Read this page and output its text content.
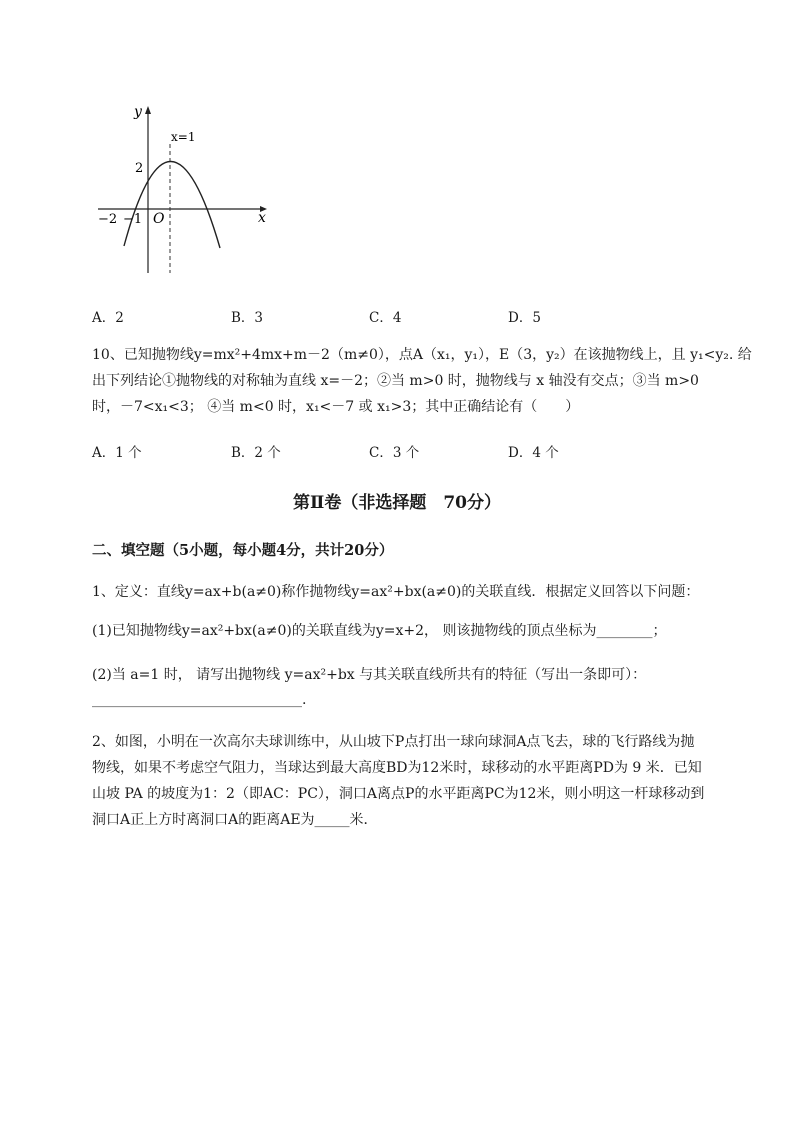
y
x
O
−2 −1
2
x=1
A．2	B．3	C．4	D．5
10、已知抛物线y=mx²+4mx+m－2（m≠0），点A（x₁，y₁），E（3，y₂）在该抛物线上，且 y₁<y₂. 给
出下列结论①抛物线的对称轴为直线 x=－2；②当 m>0 时，抛物线与 x 轴没有交点；③当 m>0
时，－7<x₁<3； ④当 m<0 时，x₁<－7 或 x₁>3；其中正确结论有（　　）
A．1 个	B．2 个	C．3 个	D．4 个
第Ⅱ卷（非选择题　70分）
二、填空题（5小题，每小题4分，共计20分）
1、定义：直线y=ax+b(a≠0)称作抛物线y=ax²+bx(a≠0)的关联直线．根据定义回答以下问题：
(1)已知抛物线y=ax²+bx(a≠0)的关联直线为y=x+2， 则该抛物线的顶点坐标为________；
(2)当 a=1 时， 请写出抛物线 y=ax²+bx 与其关联直线所共有的特征（写出一条即可）：
______________________________.
2、如图，小明在一次高尔夫球训练中，从山坡下P点打出一球向球洞A点飞去，球的飞行路线为抛
物线，如果不考虑空气阻力，当球达到最大高度BD为12米时，球移动的水平距离PD为 9 米．已知
山坡 PA 的坡度为1：2（即AC：PC），洞口A离点P的水平距离PC为12米，则小明这一杆球移动到
洞口A正上方时离洞口A的距离AE为_____米．
